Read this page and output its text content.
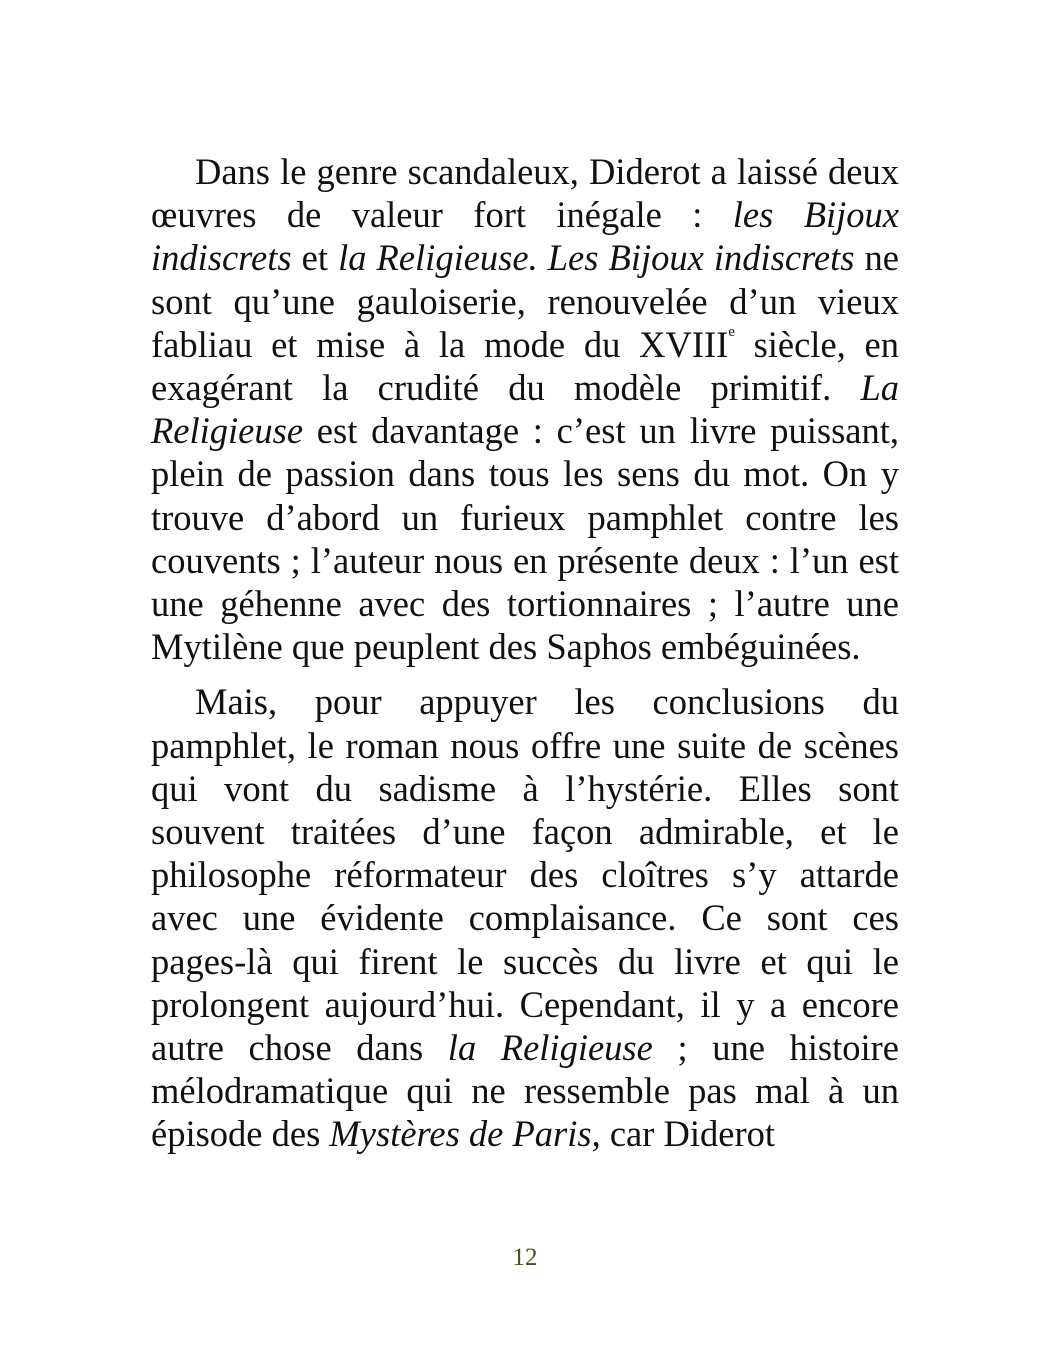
Dans le genre scandaleux, Diderot a laissé deux œuvres de valeur fort inégale : les Bijoux indiscrets et la Religieuse. Les Bijoux indiscrets ne sont qu’une gauloiserie, renouvelée d’un vieux fabliau et mise à la mode du XVIIIe siècle, en exagérant la crudité du modèle primitif. La Religieuse est davantage : c’est un livre puissant, plein de passion dans tous les sens du mot. On y trouve d’abord un furieux pamphlet contre les couvents ; l’auteur nous en présente deux : l’un est une géhenne avec des tortionnaires ; l’autre une Mytilène que peuplent des Saphos embéguinées.

Mais, pour appuyer les conclusions du pamphlet, le roman nous offre une suite de scènes qui vont du sadisme à l’hystérie. Elles sont souvent traitées d’une façon admirable, et le philosophe réformateur des cloîtres s’y attarde avec une évidente complaisance. Ce sont ces pages-là qui firent le succès du livre et qui le prolongent aujourd’hui. Cependant, il y a encore autre chose dans la Religieuse ; une histoire mélodramatique qui ne ressemble pas mal à un épisode des Mystères de Paris, car Diderot

12
